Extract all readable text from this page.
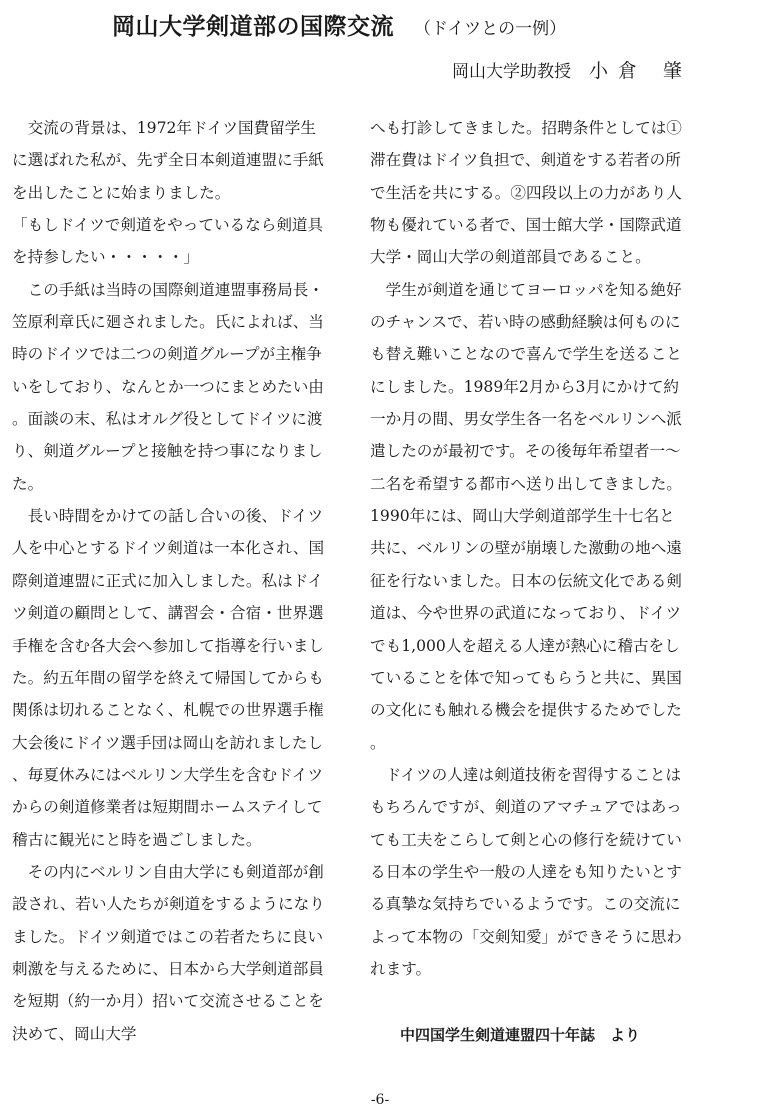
岡山大学剣道部の国際交流 （ドイツとの一例）
岡山大学助教授 小倉 肇

交流の背景は、1972年ドイツ国費留学生に選ばれた私が、先ず全日本剣道連盟に手紙を出したことに始まりました。

「もしドイツで剣道をやっているなら剣道具を持参したい・・・・・」

この手紙は当時の国際剣道連盟事務局長・笠原利章氏に廻されました。氏によれば、当時のドイツでは二つの剣道グループが主権争いをしており、なんとか一つにまとめたい由。面談の末、私はオルグ役としてドイツに渡り、剣道グループと接触を持つ事になりました。

長い時間をかけての話し合いの後、ドイツ人を中心とするドイツ剣道は一本化され、国際剣道連盟に正式に加入しました。私はドイツ剣道の顧問として、講習会・合宿・世界選手権を含む各大会へ参加して指導を行いました。約五年間の留学を終えて帰国してからも関係は切れることなく、札幌での世界選手権大会後にドイツ選手団は岡山を訪れましたし、毎夏休みにはベルリン大学生を含むドイツからの剣道修業者は短期間ホームステイして稽古に観光にと時を過ごしました。

その内にベルリン自由大学にも剣道部が創設され、若い人たちが剣道をするようになりました。ドイツ剣道ではこの若者たちに良い刺激を与えるために、日本から大学剣道部員を短期（約一か月）招いて交流させることを決めて、岡山大学

へも打診してきました。招聘条件としては①滞在費はドイツ負担で、剣道をする若者の所で生活を共にする。②四段以上の力があり人物も優れている者で、国士館大学・国際武道大学・岡山大学の剣道部員であること。

学生が剣道を通じてヨーロッパを知る絶好のチャンスで、若い時の感動経験は何ものにも替え難いことなので喜んで学生を送ることにしました。1989年2月から3月にかけて約一か月の間、男女学生各一名をベルリンへ派遣したのが最初です。その後毎年希望者一〜二名を希望する都市へ送り出してきました。1990年には、岡山大学剣道部学生十七名と共に、ベルリンの壁が崩壊した激動の地へ遠征を行ないました。日本の伝統文化である剣道は、今や世界の武道になっており、ドイツでも1,000人を超える人達が熱心に稽古をしていることを体で知ってもらうと共に、異国の文化にも触れる機会を提供するためでした。

ドイツの人達は剣道技術を習得することはもちろんですが、剣道のアマチュアではあっても工夫をこらして剣と心の修行を続けている日本の学生や一般の人達をも知りたいとする真摯な気持ちでいるようです。この交流によって本物の「交剣知愛」ができそうに思われます。

中四国学生剣道連盟四十年誌　より
-6-
